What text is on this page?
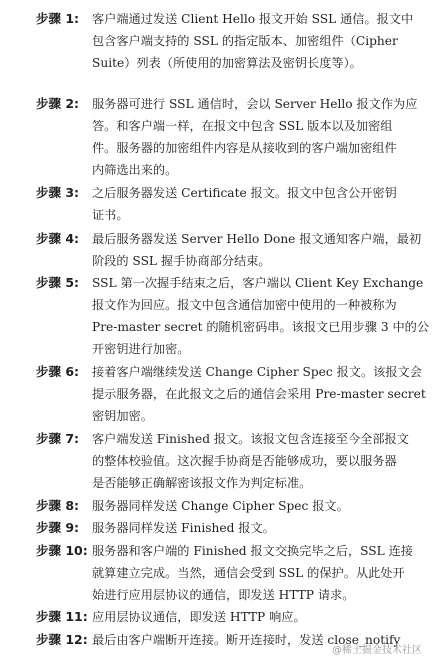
步骤 1:	客户端通过发送 Client Hello 报文开始 SSL 通信。报文中
包含客户端支持的 SSL 的指定版本、加密组件（Cipher
Suite）列表（所使用的加密算法及密钥长度等）。
步骤 2:	服务器可进行 SSL 通信时，会以 Server Hello 报文作为应
答。和客户端一样，在报文中包含 SSL 版本以及加密组
件。服务器的加密组件内容是从接收到的客户端加密组件
内筛选出来的。
步骤 3:	之后服务器发送 Certificate 报文。报文中包含公开密钥
证书。
步骤 4:	最后服务器发送 Server Hello Done 报文通知客户端，最初
阶段的 SSL 握手协商部分结束。
步骤 5:	SSL 第一次握手结束之后，客户端以 Client Key Exchange
报文作为回应。报文中包含通信加密中使用的一种被称为
Pre-master secret 的随机密码串。该报文已用步骤 3 中的公
开密钥进行加密。
步骤 6:	接着客户端继续发送 Change Cipher Spec 报文。该报文会
提示服务器，在此报文之后的通信会采用 Pre-master secret
密钥加密。
步骤 7:	客户端发送 Finished 报文。该报文包含连接至今全部报文
的整体校验值。这次握手协商是否能够成功，要以服务器
是否能够正确解密该报文作为判定标准。
步骤 8:	服务器同样发送 Change Cipher Spec 报文。
步骤 9:	服务器同样发送 Finished 报文。
步骤 10: 服务器和客户端的 Finished 报文交换完毕之后，SSL 连接
就算建立完成。当然，通信会受到 SSL 的保护。从此处开
始进行应用层协议的通信，即发送 HTTP 请求。
步骤 11: 应用层协议通信，即发送 HTTP 响应。
步骤 12: 最后由客户端断开连接。断开连接时，发送 close_notify
@稀土掘金技术社区
